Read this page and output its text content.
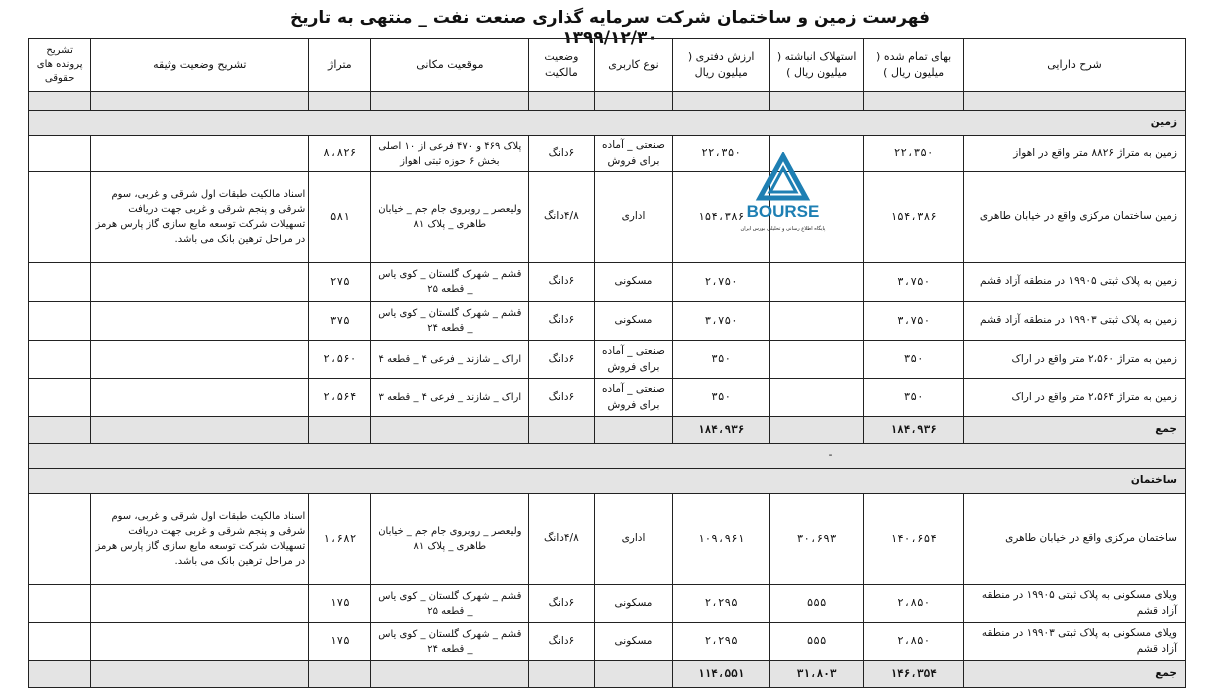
فهرست زمین و ساختمان شرکت سرمایه گذاری صنعت نفت _ منتهی به تاریخ ۱۳۹۹/۱۲/۳۰
شرح دارایی	بهای تمام شده ( میلیون ریال )	استهلاک انباشته ( میلیون ریال )	ارزش دفتری ( میلیون ریال	نوع کاربری	وضعیت مالکیت	موقعیت مکانی	متراژ	تشریح وضعیت وثیقه	تشریح پرونده های حقوقی

زمین									
زمین به متراژ ۸۸۲۶ متر واقع در اهواز	۲۲،۳۵۰		۲۲،۳۵۰	صنعتی _ آماده برای فروش	۶دانگ	پلاک ۴۶۹ و ۴۷۰ فرعی از ۱۰ اصلی بخش ۶ حوزه ثبتی اهواز	۸،۸۲۶		
زمین ساختمان مرکزی واقع در خیابان طاهری	۱۵۴،۳۸۶		۱۵۴،۳۸۶	اداری	۴/۸دانگ	ولیعصر _ روبروی جام جم _ خیابان طاهری _ پلاک ۸۱	۵۸۱	اسناد مالکیت طبقات اول شرقی و غربی، سوم شرقی و پنجم شرقی و غربی جهت دریافت تسهیلات شرکت توسعه مایع سازی گاز پارس هرمز در مراحل ترهین بانک می باشد.	
زمین به پلاک ثبتی ۱۹۹۰۵ در منطقه آزاد قشم	۳،۷۵۰		۲،۷۵۰	مسکونی	۶دانگ	قشم _ شهرک گلستان _ کوی یاس _ قطعه ۲۵	۲۷۵		
زمین به پلاک ثبتی ۱۹۹۰۳ در منطقه آزاد قشم	۳،۷۵۰		۳،۷۵۰	مسکونی	۶دانگ	قشم _ شهرک گلستان _ کوی یاس _ قطعه ۲۴	۳۷۵		
زمین به متراژ ۲،۵۶۰ متر واقع در اراک	۳۵۰		۳۵۰	صنعتی _ آماده برای فروش	۶دانگ	اراک _ شازند _ فرعی ۴ _ قطعه ۴	۲،۵۶۰		
زمین به متراژ ۲،۵۶۴ متر واقع در اراک	۳۵۰		۳۵۰	صنعتی _ آماده برای فروش	۶دانگ	اراک _ شازند _ فرعی ۴ _ قطعه ۳	۲،۵۶۴		
جمع	۱۸۴،۹۳۶		۱۸۴،۹۳۶						
-									
ساختمان									
ساختمان مرکزی واقع در خیابان طاهری	۱۴۰،۶۵۴	۳۰،۶۹۳	۱۰۹،۹۶۱	اداری	۴/۸دانگ	ولیعصر _ روبروی جام جم _ خیابان طاهری _ پلاک ۸۱	۱،۶۸۲	اسناد مالکیت طبقات اول شرقی و غربی، سوم شرقی و پنجم شرقی و غربی جهت دریافت تسهیلات شرکت توسعه مایع سازی گاز پارس هرمز در مراحل ترهین بانک می باشد.	
ویلای مسکونی به پلاک ثبتی ۱۹۹۰۵ در منطقه آزاد قشم	۲،۸۵۰	۵۵۵	۲،۲۹۵	مسکونی	۶دانگ	قشم _ شهرک گلستان _ کوی یاس _ قطعه ۲۵	۱۷۵		
ویلای مسکونی به پلاک ثبتی ۱۹۹۰۳ در منطقه آزاد قشم	۲،۸۵۰	۵۵۵	۲،۲۹۵	مسکونی	۶دانگ	قشم _ شهرک گلستان _ کوی یاس _ قطعه ۲۴	۱۷۵		
جمع	۱۴۶،۳۵۴	۳۱،۸۰۳	۱۱۴،۵۵۱						
BOURSE
پایگاه اطلاع رسانی و تحلیلی بورس ایران
